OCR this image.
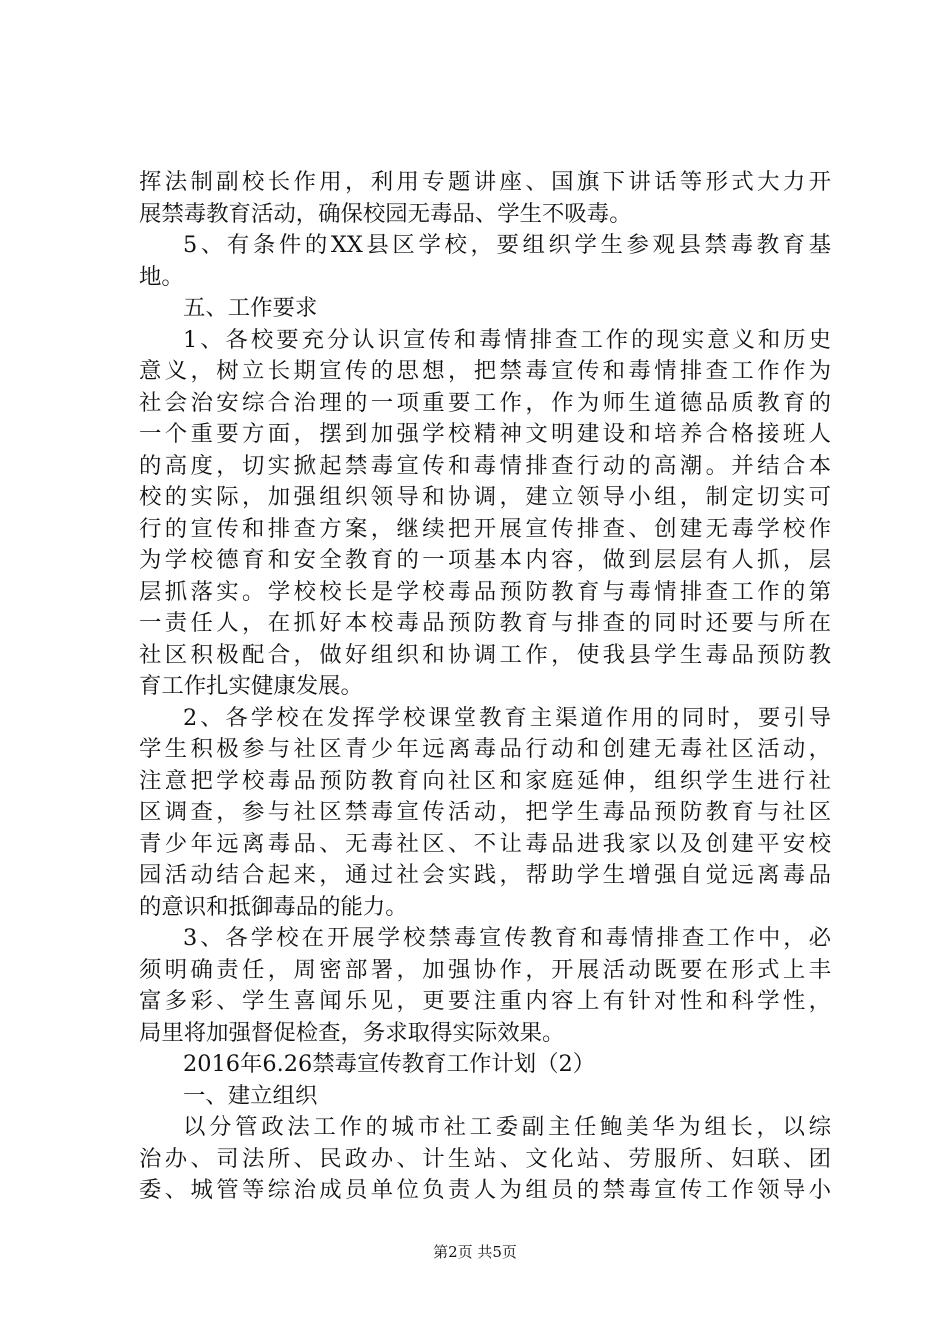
挥法制副校长作用，利用专题讲座、国旗下讲话等形式大力开
展禁毒教育活动，确保校园无毒品、学生不吸毒。
5、有条件的XX县区学校，要组织学生参观县禁毒教育基
地。
五、工作要求
1、各校要充分认识宣传和毒情排查工作的现实意义和历史
意义，树立长期宣传的思想，把禁毒宣传和毒情排查工作作为
社会治安综合治理的一项重要工作，作为师生道德品质教育的
一个重要方面，摆到加强学校精神文明建设和培养合格接班人
的高度，切实掀起禁毒宣传和毒情排查行动的高潮。并结合本
校的实际，加强组织领导和协调，建立领导小组，制定切实可
行的宣传和排查方案，继续把开展宣传排查、创建无毒学校作
为学校德育和安全教育的一项基本内容，做到层层有人抓，层
层抓落实。学校校长是学校毒品预防教育与毒情排查工作的第
一责任人，在抓好本校毒品预防教育与排查的同时还要与所在
社区积极配合，做好组织和协调工作，使我县学生毒品预防教
育工作扎实健康发展。
2、各学校在发挥学校课堂教育主渠道作用的同时，要引导
学生积极参与社区青少年远离毒品行动和创建无毒社区活动，
注意把学校毒品预防教育向社区和家庭延伸，组织学生进行社
区调查，参与社区禁毒宣传活动，把学生毒品预防教育与社区
青少年远离毒品、无毒社区、不让毒品进我家以及创建平安校
园活动结合起来，通过社会实践，帮助学生增强自觉远离毒品
的意识和抵御毒品的能力。
3、各学校在开展学校禁毒宣传教育和毒情排查工作中，必
须明确责任，周密部署，加强协作，开展活动既要在形式上丰
富多彩、学生喜闻乐见，更要注重内容上有针对性和科学性，
局里将加强督促检查，务求取得实际效果。
2016年6.26禁毒宣传教育工作计划（2）
一、建立组织
以分管政法工作的城市社工委副主任鲍美华为组长，以综
治办、司法所、民政办、计生站、文化站、劳服所、妇联、团
委、城管等综治成员单位负责人为组员的禁毒宣传工作领导小
第2页 共5页
